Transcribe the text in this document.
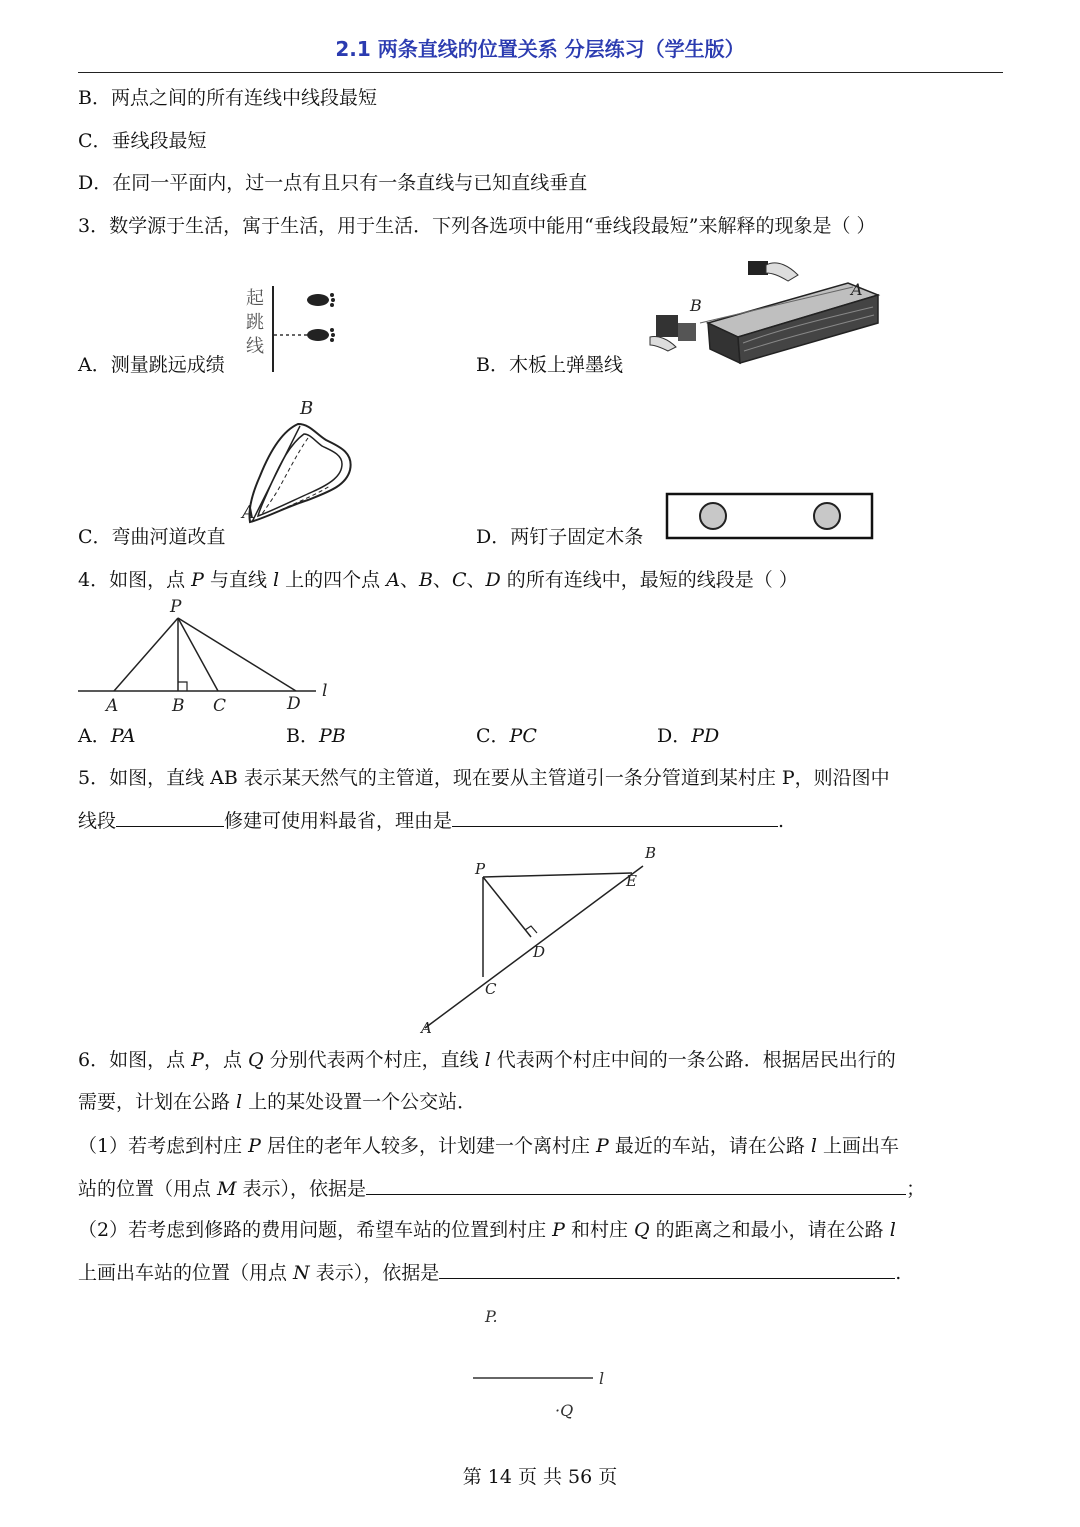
2.1 两条直线的位置关系 分层练习（学生版）
B．两点之间的所有连线中线段最短
C．垂线段最短
D．在同一平面内，过一点有且只有一条直线与已知直线垂直
3．数学源于生活，寓于生活，用于生活．下列各选项中能用“垂线段最短”来解释的现象是（ ）
起
跳
线
A．测量跳远成绩
B
A
B．木板上弹墨线
B
A
C．弯曲河道改直	D．两钉子固定木条
4．如图，点 P 与直线 l 上的四个点 A、B、C、D 的所有连线中，最短的线段是（ ）
P
A	B C	D
l
A．PA	B．PB	C．PC	D．PD
5．如图，直线 AB 表示某天然气的主管道，现在要从主管道引一条分管道到某村庄 P，则沿图中
线段	修建可使用料最省，理由是	.
P
B
E
D
C
A
6．如图，点 P，点 Q 分别代表两个村庄，直线 l 代表两个村庄中间的一条公路．根据居民出行的
需要，计划在公路 l 上的某处设置一个公交站．
（1）若考虑到村庄 P 居住的老年人较多，计划建一个离村庄 P 最近的车站，请在公路 l 上画出车
站的位置（用点 M 表示），依据是	；
（2）若考虑到修路的费用问题，希望车站的位置到村庄 P 和村庄 Q 的距离之和最小，请在公路 l
上画出车站的位置（用点 N 表示），依据是	.
P.
l
·Q
第 14 页 共 56 页
